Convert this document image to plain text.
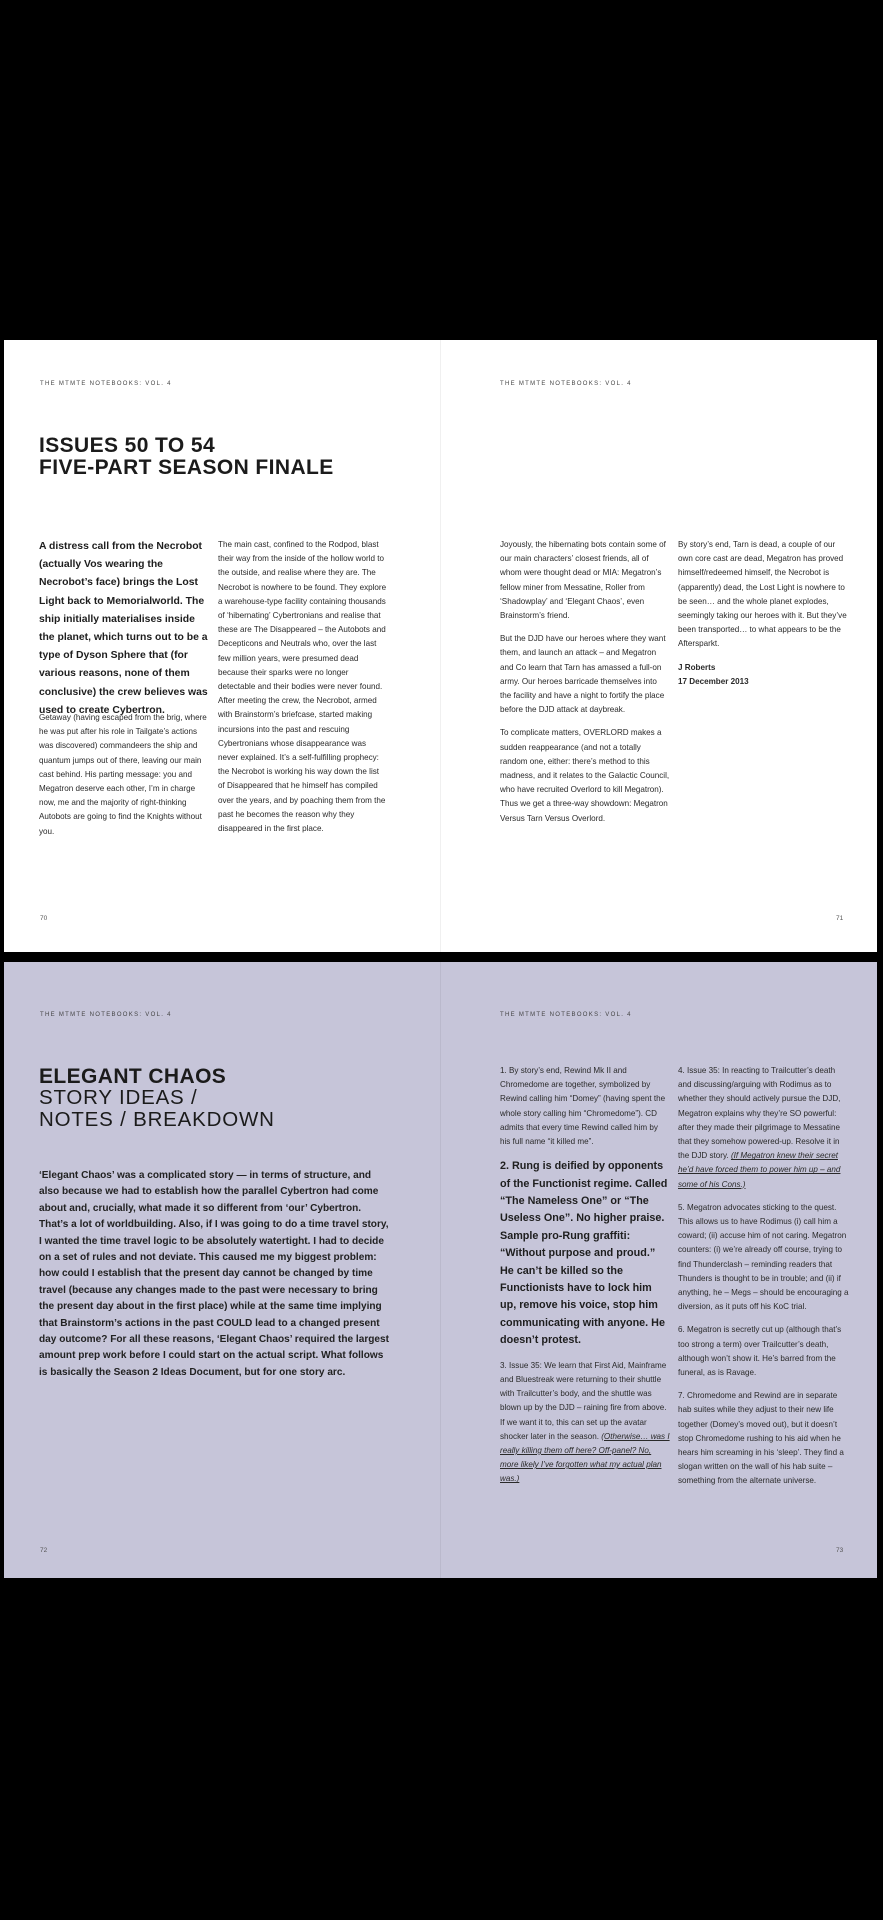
THE MTMTE NOTEBOOKS: VOL. 4	THE MTMTE NOTEBOOKS: VOL. 4
ISSUES 50 TO 54
FIVE-PART SEASON FINALE
A distress call from the Necrobot (actually Vos wearing the Necrobot’s face) brings the Lost Light back to Memorialworld. The ship initially materialises inside the planet, which turns out to be a type of Dyson Sphere that (for various reasons, none of them conclusive) the crew believes was used to create Cybertron.

Getaway (having escaped from the brig, where he was put after his role in Tailgate’s actions was discovered) commandeers the ship and quantum jumps out of there, leaving our main cast behind. His parting message: you and Megatron deserve each other, I’m in charge now, me and the majority of right-thinking Autobots are going to find the Knights without you.

The main cast, confined to the Rodpod, blast their way from the inside of the hollow world to the outside, and realise where they are. The Necrobot is nowhere to be found. They explore a warehouse-type facility containing thousands of ‘hibernating’ Cybertronians and realise that these are The Disappeared – the Autobots and Decepticons and Neutrals who, over the last few million years, were presumed dead because their sparks were no longer detectable and their bodies were never found. After meeting the crew, the Necrobot, armed with Brainstorm’s briefcase, started making incursions into the past and rescuing Cybertronians whose disappearance was never explained. It’s a self-fulfilling prophecy: the Necrobot is working his way down the list of Disappeared that he himself has compiled over the years, and by poaching them from the past he becomes the reason why they disappeared in the first place.

Joyously, the hibernating bots contain some of our main characters’ closest friends, all of whom were thought dead or MIA: Megatron’s fellow miner from Messatine, Roller from ‘Shadowplay’ and ‘Elegant Chaos’, even Brainstorm’s friend.

But the DJD have our heroes where they want them, and launch an attack – and Megatron and Co learn that Tarn has amassed a full-on army. Our heroes barricade themselves into the facility and have a night to fortify the place before the DJD attack at daybreak.

To complicate matters, OVERLORD makes a sudden reappearance (and not a totally random one, either: there’s method to this madness, and it relates to the Galactic Council, who have recruited Overlord to kill Megatron). Thus we get a three-way showdown: Megatron Versus Tarn Versus Overlord.

By story’s end, Tarn is dead, a couple of our own core cast are dead, Megatron has proved himself/redeemed himself, the Necrobot is (apparently) dead, the Lost Light is nowhere to be seen… and the whole planet explodes, seemingly taking our heroes with it. But they’ve been transported… to what appears to be the Aftersparkt.

J Roberts
17 December 2013
70	71
THE MTMTE NOTEBOOKS: VOL. 4	THE MTMTE NOTEBOOKS: VOL. 4
ELEGANT CHAOS
STORY IDEAS /
NOTES / BREAKDOWN
‘Elegant Chaos’ was a complicated story — in terms of structure, and also because we had to establish how the parallel Cybertron had come about and, crucially, what made it so different from ‘our’ Cybertron. That’s a lot of worldbuilding. Also, if I was going to do a time travel story, I wanted the time travel logic to be absolutely watertight. I had to decide on a set of rules and not deviate. This caused me my biggest problem: how could I establish that the present day cannot be changed by time travel (because any changes made to the past were necessary to bring the present day about in the first place) while at the same time implying that Brainstorm’s actions in the past COULD lead to a changed present day outcome? For all these reasons, ‘Elegant Chaos’ required the largest amount prep work before I could start on the actual script. What follows is basically the Season 2 Ideas Document, but for one story arc.

1. By story’s end, Rewind Mk II and Chromedome are together, symbolized by Rewind calling him “Domey” (having spent the whole story calling him “Chromedome”). CD admits that every time Rewind called him by his full name “it killed me”.

2. Rung is deified by opponents of the Functionist regime. Called “The Nameless One” or “The Useless One”. No higher praise. Sample pro-Rung graffiti: “Without purpose and proud.” He can’t be killed so the Functionists have to lock him up, remove his voice, stop him communicating with anyone. He doesn’t protest.

3. Issue 35: We learn that First Aid, Mainframe and Bluestreak were returning to their shuttle with Trailcutter’s body, and the shuttle was blown up by the DJD – raining fire from above. If we want it to, this can set up the avatar shocker later in the season. (Otherwise… was I really killing them off here? Off-panel? No, more likely I’ve forgotten what my actual plan was.)

4. Issue 35: In reacting to Trailcutter’s death and discussing/arguing with Rodimus as to whether they should actively pursue the DJD, Megatron explains why they’re SO powerful: after they made their pilgrimage to Messatine that they somehow powered-up. Resolve it in the DJD story. (If Megatron knew their secret he’d have forced them to power him up – and some of his Cons.)

5. Megatron advocates sticking to the quest. This allows us to have Rodimus (i) call him a coward; (ii) accuse him of not caring. Megatron counters: (i) we’re already off course, trying to find Thunderclash – reminding readers that Thunders is thought to be in trouble; and (ii) if anything, he – Megs – should be encouraging a diversion, as it puts off his KoC trial.

6. Megatron is secretly cut up (although that’s too strong a term) over Trailcutter’s death, although won’t show it. He’s barred from the funeral, as is Ravage.

7. Chromedome and Rewind are in separate hab suites while they adjust to their new life together (Domey’s moved out), but it doesn’t stop Chromedome rushing to his aid when he hears him screaming in his ‘sleep’. They find a slogan written on the wall of his hab suite – something from the alternate universe.

72	73
